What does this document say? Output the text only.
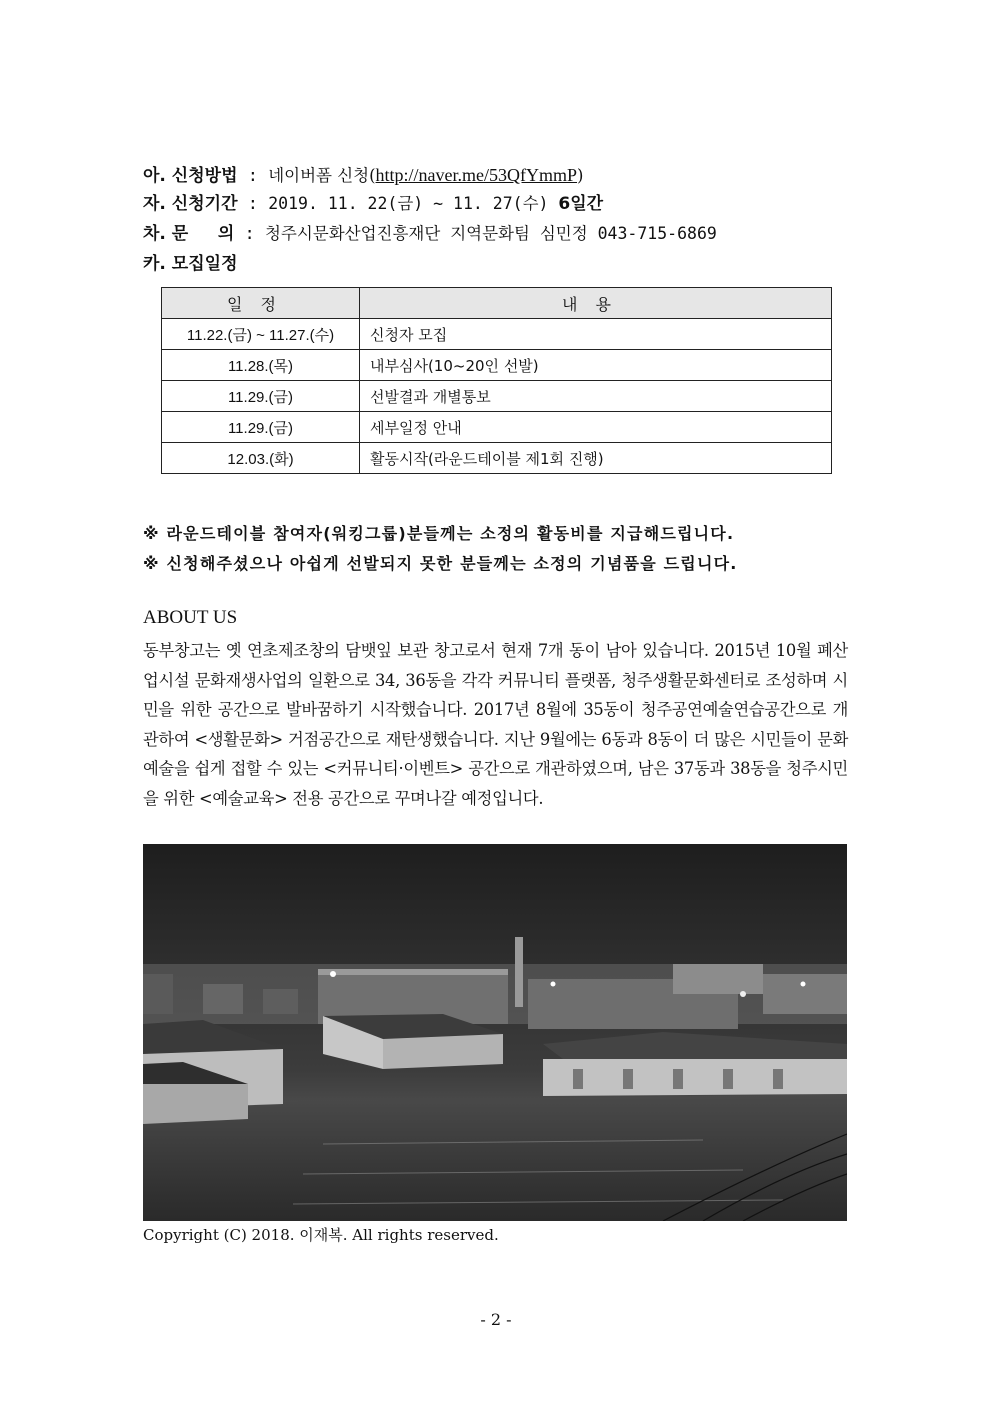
아. 신청방법 : 네이버폼 신청(http://naver.me/53QfYmmP)
자. 신청기간 : 2019. 11. 22(금) ~ 11. 27(수) 6일간
차. 문     의 : 청주시문화산업진흥재단 지역문화팀 심민정 043-715-6869
카. 모집일정
일정	내용
11.22.(금) ~ 11.27.(수)	신청자 모집
11.28.(목)	내부심사(10~20인 선발)
11.29.(금)	선발결과 개별통보
11.29.(금)	세부일정 안내
12.03.(화)	활동시작(라운드테이블 제1회 진행)
※ 라운드테이블 참여자(워킹그룹)분들께는 소정의 활동비를 지급해드립니다.
※ 신청해주셨으나 아쉽게 선발되지 못한 분들께는 소정의 기념품을 드립니다.
ABOUT US
동부창고는 옛 연초제조창의 담뱃잎 보관 창고로서 현재 7개 동이 남아 있습니다. 2015년 10월 폐산업시설 문화재생사업의 일환으로 34, 36동을 각각 커뮤니티 플랫폼, 청주생활문화센터로 조성하며 시민을 위한 공간으로 발바꿈하기 시작했습니다. 2017년 8월에 35동이 청주공연예술연습공간으로 개관하여 <생활문화> 거점공간으로 재탄생했습니다. 지난 9월에는 6동과 8동이 더 많은 시민들이 문화예술을 쉽게 접할 수 있는 <커뮤니티·이벤트> 공간으로 개관하였으며, 남은 37동과 38동을 청주시민을 위한 <예술교육> 전용 공간으로 꾸며나갈 예정입니다.
Copyright (C) 2018. 이재복. All rights reserved.
- 2 -
